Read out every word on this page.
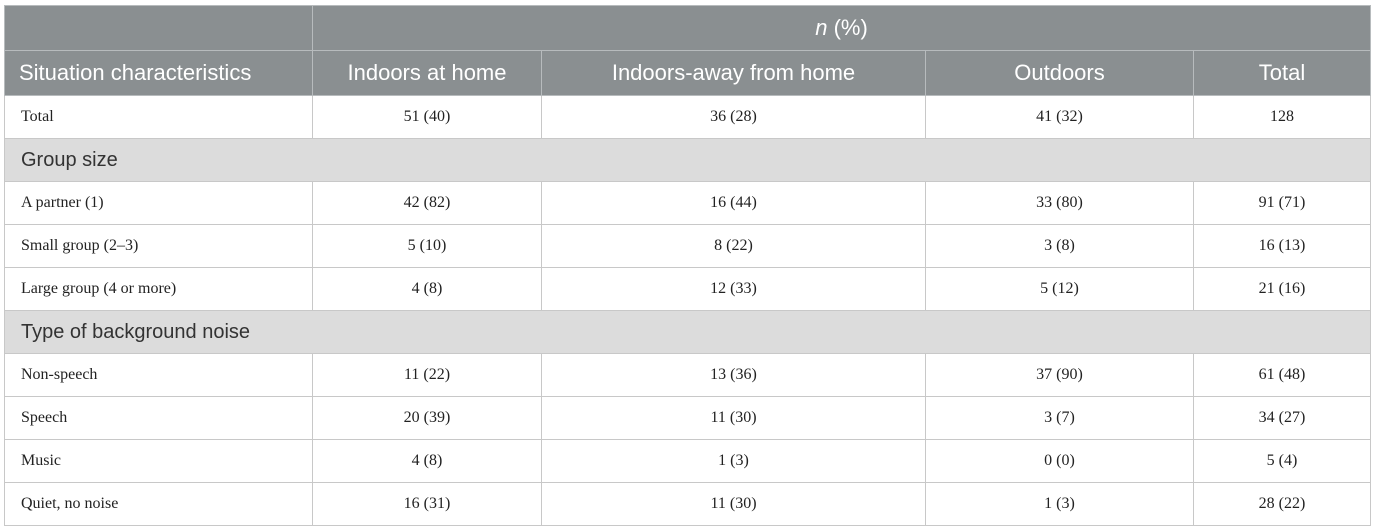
	n (%)			
Situation characteristics	Indoors at home	Indoors-away from home	Outdoors	Total
Total	51 (40)	36 (28)	41 (32)	128
Group size				
A partner (1)	42 (82)	16 (44)	33 (80)	91 (71)
Small group (2–3)	5 (10)	8 (22)	3 (8)	16 (13)
Large group (4 or more)	4 (8)	12 (33)	5 (12)	21 (16)
Type of background noise				
Non-speech	11 (22)	13 (36)	37 (90)	61 (48)
Speech	20 (39)	11 (30)	3 (7)	34 (27)
Music	4 (8)	1 (3)	0 (0)	5 (4)
Quiet, no noise	16 (31)	11 (30)	1 (3)	28 (22)
